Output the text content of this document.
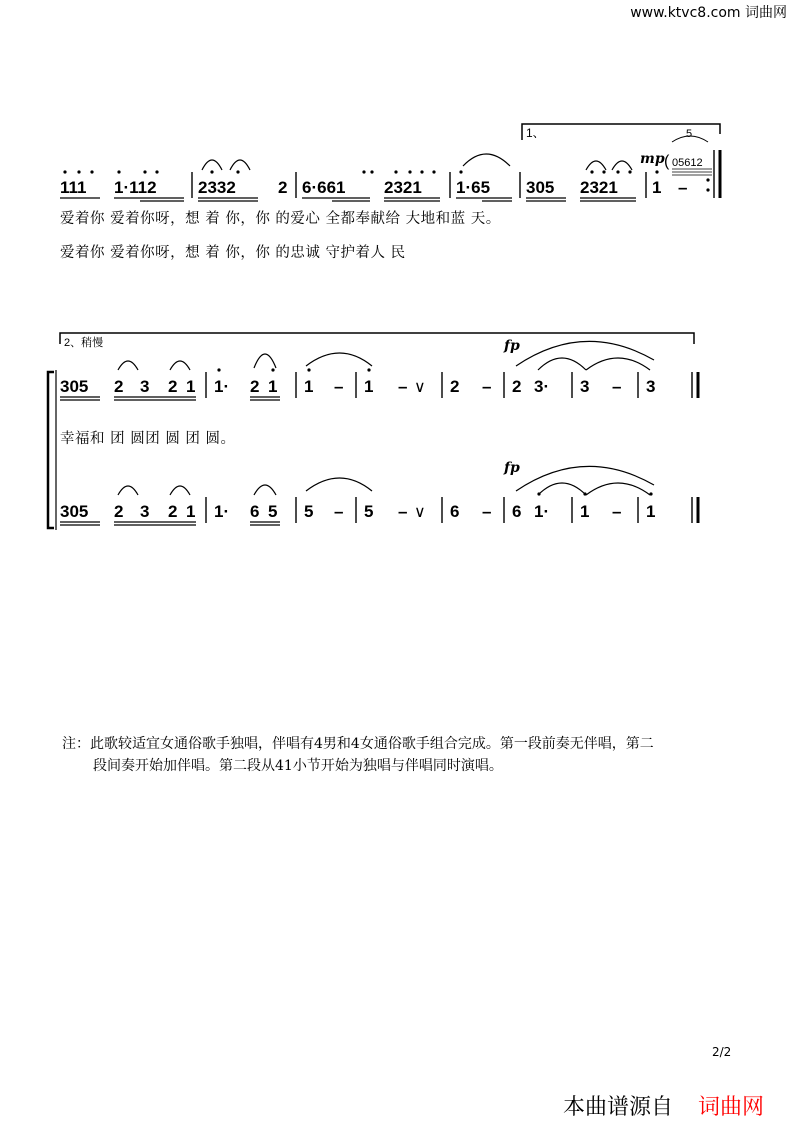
www.ktvc8.com 词曲网
1、
mp
5
( 05612
111 1·112 2332 2 6·661 2321 1·65 305 2321 1 –
2、稍慢	fp
fp
305 2 3 2 1 1· 2 1 1 – 1 –	2 – 2 3· 3 – 3
∨
305 2 3 2 1 1· 6 5 5 – 5 –	6 – 6 1· 1 – 1
∨
爱着你 爱着你呀，想 着 你，你 的爱心 全都奉献给 大地和蓝 天。
爱着你 爱着你呀，想 着 你，你 的忠诚 守护着人 民
幸福和 团 圆团 圆 团 圆。

注：此歌较适宜女通俗歌手独唱，伴唱有4男和4女通俗歌手组合完成。第一段前奏无伴唱，第二

段间奏开始加伴唱。第二段从41小节开始为独唱与伴唱同时演唱。

2/2
本曲谱源自 词曲网
